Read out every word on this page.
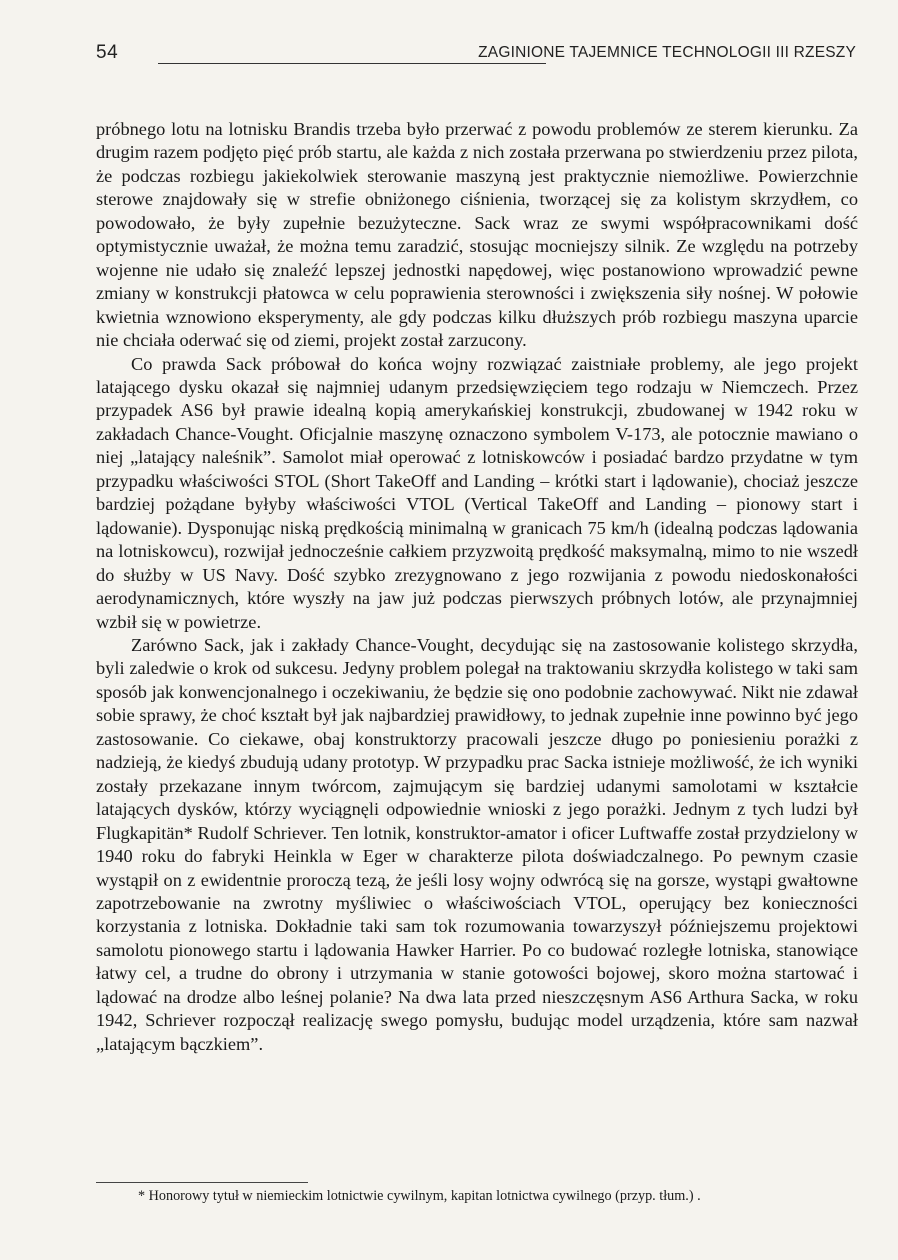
54	ZAGINIONE TAJEMNICE TECHNOLOGII III RZESZY

próbnego lotu na lotnisku Brandis trzeba było przerwać z powodu problemów ze sterem kierunku. Za drugim razem podjęto pięć prób startu, ale każda z nich została przerwana po stwierdzeniu przez pilota, że podczas rozbiegu jakiekolwiek sterowanie maszyną jest praktycznie niemożliwe. Powierzchnie sterowe znajdowały się w strefie obniżonego ciśnienia, tworzącej się za kolistym skrzydłem, co powodowało, że były zupełnie bezużyteczne. Sack wraz ze swymi współpracownikami dość optymistycznie uważał, że można temu zaradzić, stosując mocniejszy silnik. Ze względu na potrzeby wojenne nie udało się znaleźć lepszej jednostki napędowej, więc postanowiono wprowadzić pewne zmiany w konstrukcji płatowca w celu poprawienia sterowności i zwiększenia siły nośnej. W połowie kwietnia wznowiono eksperymenty, ale gdy podczas kilku dłuższych prób rozbiegu maszyna uparcie nie chciała oderwać się od ziemi, projekt został zarzucony.

Co prawda Sack próbował do końca wojny rozwiązać zaistniałe problemy, ale jego projekt latającego dysku okazał się najmniej udanym przedsięwzięciem tego rodzaju w Niemczech. Przez przypadek AS6 był prawie idealną kopią amerykańskiej konstrukcji, zbudowanej w 1942 roku w zakładach Chance-Vought. Oficjalnie maszynę oznaczono symbolem V-173, ale potocznie mawiano o niej „latający naleśnik”. Samolot miał operować z lotniskowców i posiadać bardzo przydatne w tym przypadku właściwości STOL (Short TakeOff and Landing – krótki start i lądowanie), chociaż jeszcze bardziej pożądane byłyby właściwości VTOL (Vertical TakeOff and Landing – pionowy start i lądowanie). Dysponując niską prędkością minimalną w granicach 75 km/h (idealną podczas lądowania na lotniskowcu), rozwijał jednocześnie całkiem przyzwoitą prędkość maksymalną, mimo to nie wszedł do służby w US Navy. Dość szybko zrezygnowano z jego rozwijania z powodu niedoskonałości aerodynamicznych, które wyszły na jaw już podczas pierwszych próbnych lotów, ale przynajmniej wzbił się w powietrze.

Zarówno Sack, jak i zakłady Chance-Vought, decydując się na zastosowanie kolistego skrzydła, byli zaledwie o krok od sukcesu. Jedyny problem polegał na traktowaniu skrzydła kolistego w taki sam sposób jak konwencjonalnego i oczekiwaniu, że będzie się ono podobnie zachowywać. Nikt nie zdawał sobie sprawy, że choć kształt był jak najbardziej prawidłowy, to jednak zupełnie inne powinno być jego zastosowanie. Co ciekawe, obaj konstruktorzy pracowali jeszcze długo po poniesieniu porażki z nadzieją, że kiedyś zbudują udany prototyp. W przypadku prac Sacka istnieje możliwość, że ich wyniki zostały przekazane innym twórcom, zajmującym się bardziej udanymi samolotami w kształcie latających dysków, którzy wyciągnęli odpowiednie wnioski z jego porażki. Jednym z tych ludzi był Flugkapitän* Rudolf Schriever. Ten lotnik, konstruktor-amator i oficer Luftwaffe został przydzielony w 1940 roku do fabryki Heinkla w Eger w charakterze pilota doświadczalnego. Po pewnym czasie wystąpił on z ewidentnie proroczą tezą, że jeśli losy wojny odwrócą się na gorsze, wystąpi gwałtowne zapotrzebowanie na zwrotny myśliwiec o właściwościach VTOL, operujący bez konieczności korzystania z lotniska. Dokładnie taki sam tok rozumowania towarzyszył późniejszemu projektowi samolotu pionowego startu i lądowania Hawker Harrier. Po co budować rozległe lotniska, stanowiące łatwy cel, a trudne do obrony i utrzymania w stanie gotowości bojowej, skoro można startować i lądować na drodze albo leśnej polanie? Na dwa lata przed nieszczęsnym AS6 Arthura Sacka, w roku 1942, Schriever rozpoczął realizację swego pomysłu, budując model urządzenia, które sam nazwał „latającym bączkiem”.

* Honorowy tytuł w niemieckim lotnictwie cywilnym, kapitan lotnictwa cywilnego (przyp. tłum.) .
